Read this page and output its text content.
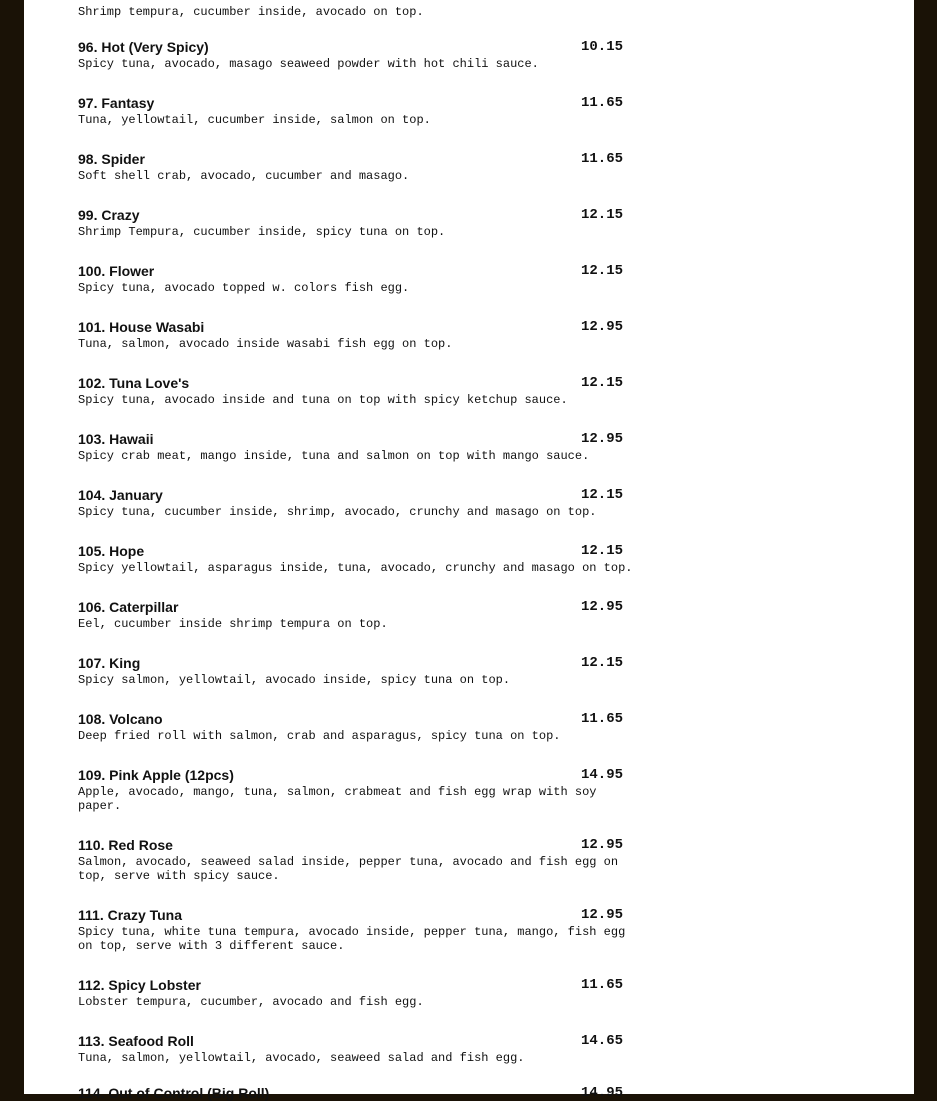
Shrimp tempura, cucumber inside, avocado on top.
96. Hot (Very Spicy)	10.15
Spicy tuna, avocado, masago seaweed powder with hot chili sauce.
97. Fantasy	11.65
Tuna, yellowtail, cucumber inside, salmon on top.
98. Spider	11.65
Soft shell crab, avocado, cucumber and masago.
99. Crazy	12.15
Shrimp Tempura, cucumber inside, spicy tuna on top.
100. Flower	12.15
Spicy tuna, avocado topped w. colors fish egg.
101. House Wasabi	12.95
Tuna, salmon, avocado inside wasabi fish egg on top.
102. Tuna Love's	12.15
Spicy tuna, avocado inside and tuna on top with spicy ketchup sauce.
103. Hawaii	12.95
Spicy crab meat, mango inside, tuna and salmon on top with mango sauce.
104. January	12.15
Spicy tuna, cucumber inside, shrimp, avocado, crunchy and masago on top.
105. Hope	12.15
Spicy yellowtail, asparagus inside, tuna, avocado, crunchy and masago on top.
106. Caterpillar	12.95
Eel, cucumber inside shrimp tempura on top.
107. King	12.15
Spicy salmon, yellowtail, avocado inside, spicy tuna on top.
108. Volcano	11.65
Deep fried roll with salmon, crab and asparagus, spicy tuna on top.
109. Pink Apple (12pcs)	14.95
Apple, avocado, mango, tuna, salmon, crabmeat and fish egg wrap with soy paper.
110. Red Rose	12.95
Salmon, avocado, seaweed salad inside, pepper tuna, avocado and fish egg on top, serve with spicy sauce.
111. Crazy Tuna	12.95
Spicy tuna, white tuna tempura, avocado inside, pepper tuna, mango, fish egg on top, serve with 3 different sauce.
112. Spicy Lobster	11.65
Lobster tempura, cucumber, avocado and fish egg.
113. Seafood Roll	14.65
Tuna, salmon, yellowtail, avocado, seaweed salad and fish egg.
114. Out of Control (Big Roll)	14.95
